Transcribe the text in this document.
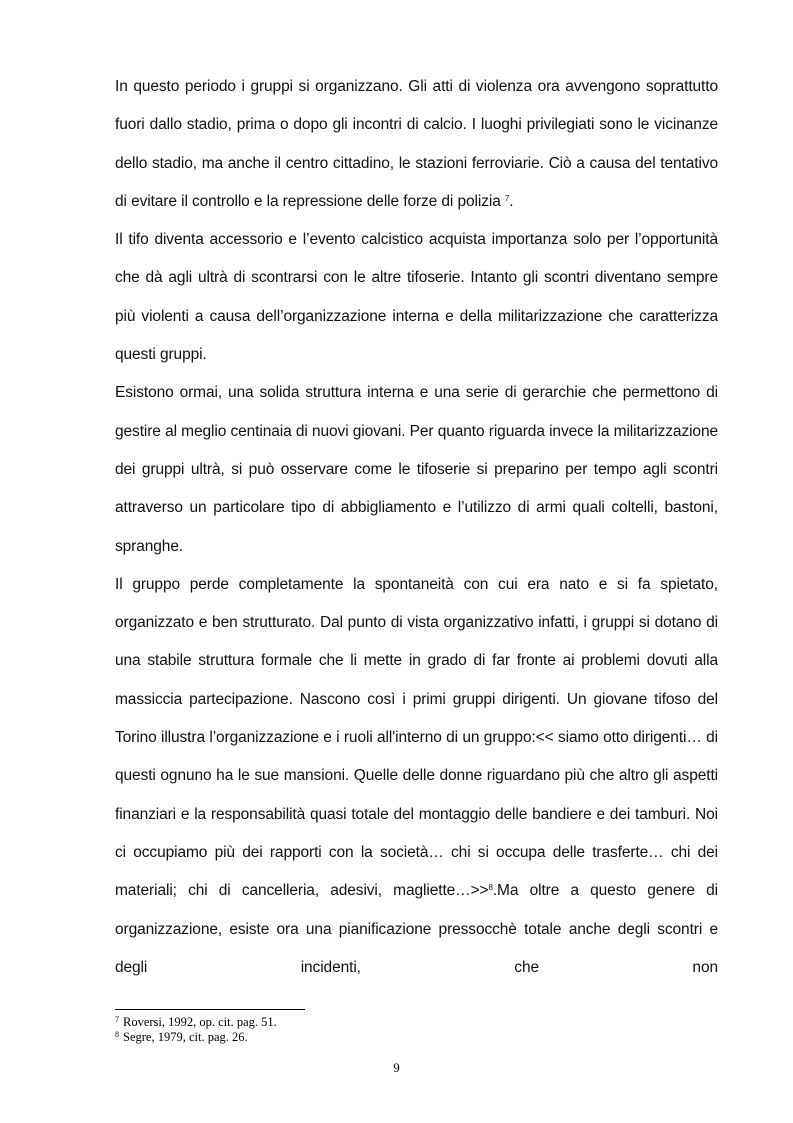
In questo periodo i gruppi si organizzano. Gli atti di violenza ora avvengono soprattutto fuori dallo stadio, prima o dopo gli incontri di calcio. I luoghi privilegiati sono le vicinanze dello stadio, ma anche il centro cittadino, le stazioni ferroviarie. Ciò a causa del tentativo di evitare il controllo e la repressione delle forze di polizia $^7$.

Il tifo diventa accessorio e l’evento calcistico acquista importanza solo per l’opportunità che dà agli ultrà di scontrarsi con le altre tifoserie. Intanto gli scontri diventano sempre più violenti a causa dell’organizzazione interna e della militarizzazione che caratterizza questi gruppi.

Esistono ormai, una solida struttura interna e una serie di gerarchie che permettono di gestire al meglio centinaia di nuovi giovani. Per quanto riguarda invece la militarizzazione dei gruppi ultrà, si può osservare come le tifoserie si preparino per tempo agli scontri attraverso un particolare tipo di abbigliamento e l’utilizzo di armi quali coltelli, bastoni, spranghe.

Il gruppo perde completamente la spontaneità con cui era nato e si fa spietato, organizzato e ben strutturato. Dal punto di vista organizzativo infatti, i gruppi si dotano di una stabile struttura formale che li mette in grado di far fronte ai problemi dovuti alla massiccia partecipazione. Nascono così i primi gruppi dirigenti. Un giovane tifoso del Torino illustra l’organizzazione e i ruoli all'interno di un gruppo:<< siamo otto dirigenti… di questi ognuno ha le sue mansioni. Quelle delle donne riguardano più che altro gli aspetti finanziari e la responsabilità quasi totale del montaggio delle bandiere e dei tamburi. Noi ci occupiamo più dei rapporti con la società… chi si occupa delle trasferte… chi dei materiali; chi di cancelleria, adesivi, magliette…>>$^8$.Ma oltre a questo genere di organizzazione, esiste ora una pianificazione pressocchè totale anche degli scontri e degli incidenti, che non

$^7$ Roversi, 1992, op. cit. pag. 51.
$^8$ Segre, 1979, cit. pag. 26.
9
